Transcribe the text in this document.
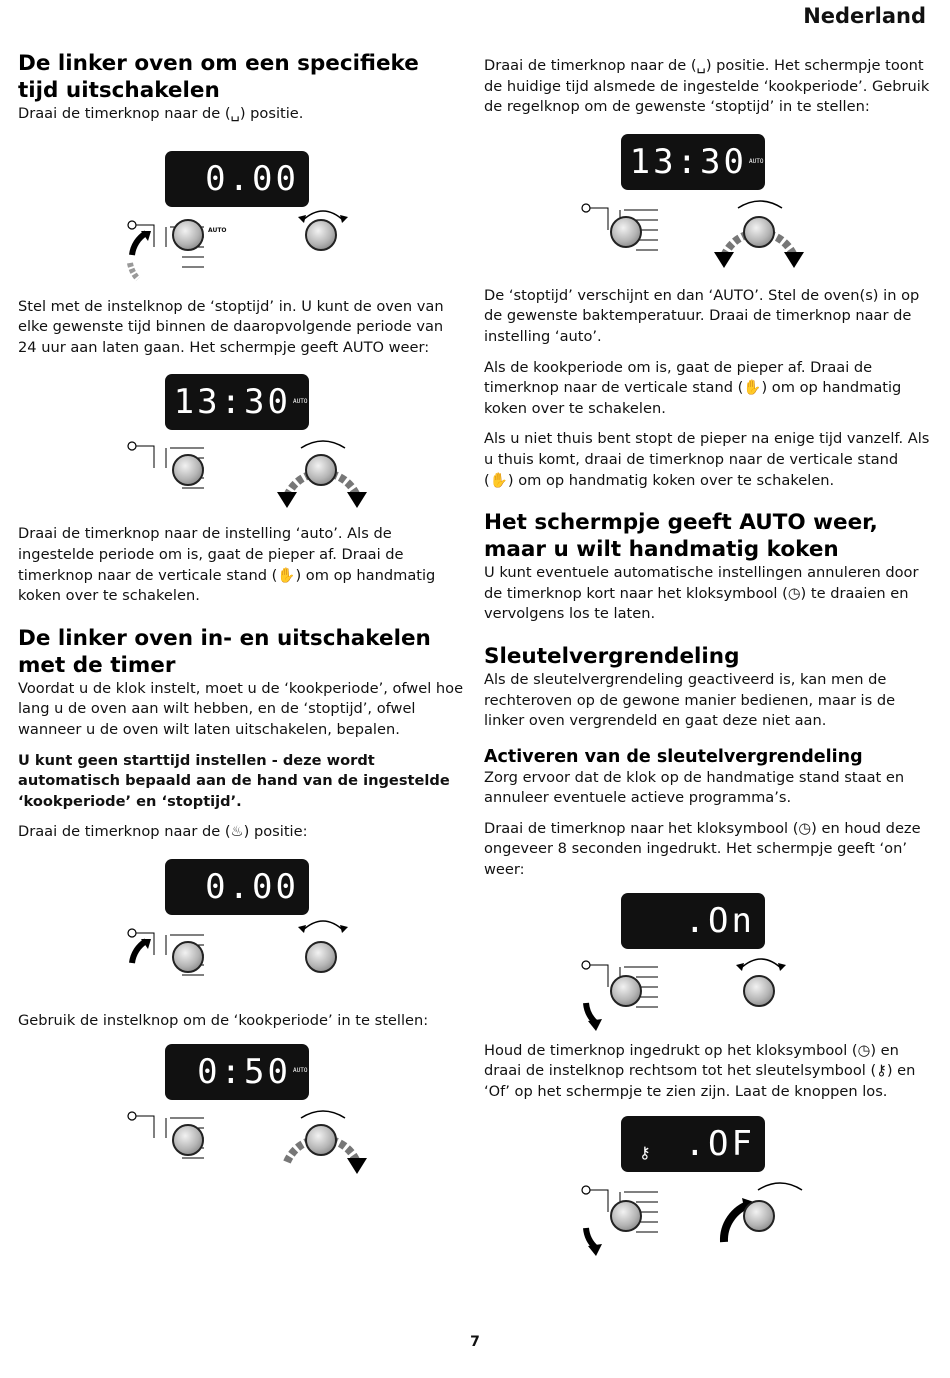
Nederland
De linker oven om een specifieke tijd uitschakelen

Draai de timerknop naar de (␣) positie.

0.00
AUTO

Stel met de instelknop de ‘stoptijd’ in. U kunt de oven van elke gewenste tijd binnen de daaropvolgende periode van 24 uur aan laten gaan. Het schermpje geeft AUTO weer:

13:30 AUTO

Draai de timerknop naar de instelling ‘auto’. Als de ingestelde periode om is, gaat de pieper af. Draai de timerknop naar de verticale stand (✋) om op handmatig koken over te schakelen.

De linker oven in- en uitschakelen met de timer

Voordat u de klok instelt, moet u de ‘kookperiode’, ofwel hoe lang u de oven aan wilt hebben, en de ‘stoptijd’, ofwel wanneer u de oven wilt laten uitschakelen, bepalen.

U kunt geen starttijd instellen - deze wordt automatisch bepaald aan de hand van de ingestelde ‘kookperiode’ en ‘stoptijd’.

Draai de timerknop naar de (♨) positie:

0.00

Gebruik de instelknop om de ‘kookperiode’ in te stellen:

0:50 AUTO

Draai de timerknop naar de (␣) positie. Het schermpje toont de huidige tijd alsmede de ingestelde ‘kookperiode’. Gebruik de regelknop om de gewenste ‘stoptijd’ in te stellen:

13:30 AUTO

De ‘stoptijd’ verschijnt en dan ‘AUTO’. Stel de oven(s) in op de gewenste baktemperatuur. Draai de timerknop naar de instelling ‘auto’.

Als de kookperiode om is, gaat de pieper af. Draai de timerknop naar de verticale stand (✋) om op handmatig koken over te schakelen.

Als u niet thuis bent stopt de pieper na enige tijd vanzelf. Als u thuis komt, draai de timerknop naar de verticale stand (✋) om op handmatig koken over te schakelen.

Het schermpje geeft AUTO weer, maar u wilt handmatig koken

U kunt eventuele automatische instellingen annuleren door de timerknop kort naar het kloksymbool (◷) te draaien en vervolgens los te laten.

Sleutelvergrendeling

Als de sleutelvergrendeling geactiveerd is, kan men de rechteroven op de gewone manier bedienen, maar is de linker oven vergrendeld en gaat deze niet aan.

Activeren van de sleutelvergrendeling

Zorg ervoor dat de klok op de handmatige stand staat en annuleer eventuele actieve programma’s.

Draai de timerknop naar het kloksymbool (◷) en houd deze ongeveer 8 seconden ingedrukt. Het schermpje geeft ‘on’ weer:

.On

Houd de timerknop ingedrukt op het kloksymbool (◷) en draai de instelknop rechtsom tot het sleutelsymbool (⚷) en ‘Of’ op het schermpje te zien zijn. Laat de knoppen los.

⚷ .OF
7
